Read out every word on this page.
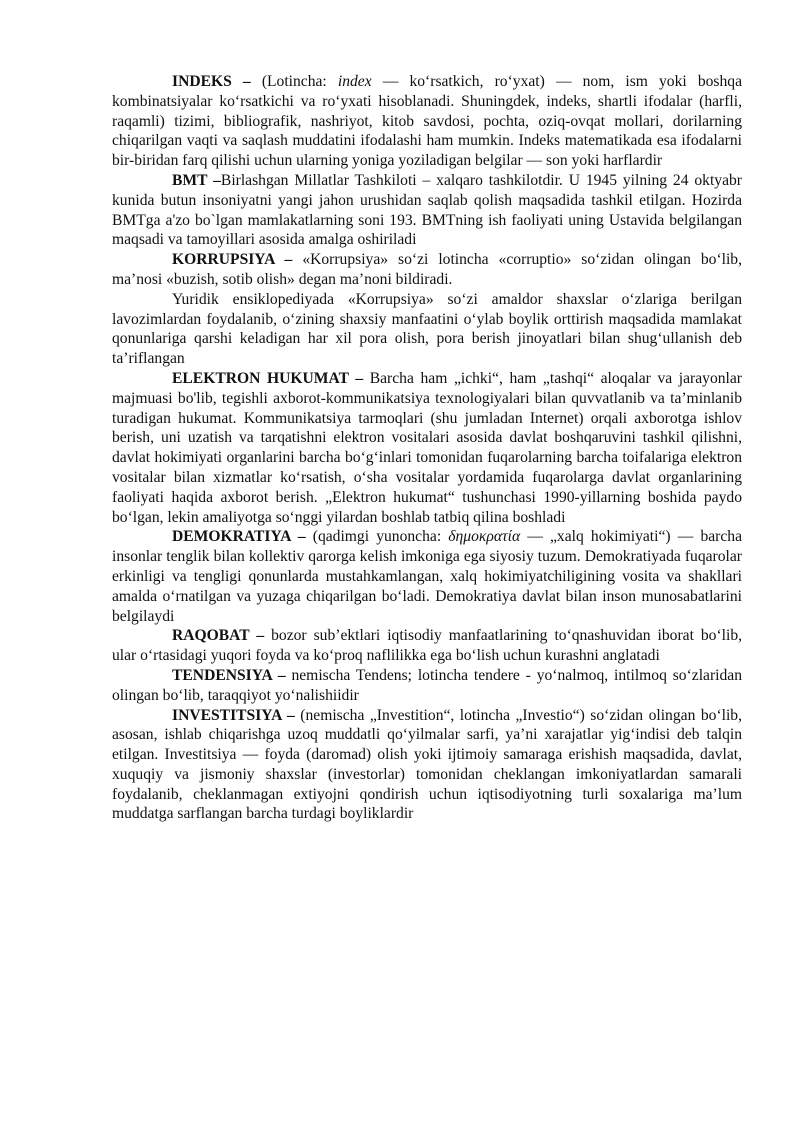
INDEKS – (Lotincha: index — ko‘rsatkich, ro‘yxat) — nom, ism yoki boshqa kombinatsiyalar ko‘rsatkichi va ro‘yxati hisoblanadi. Shuningdek, indeks, shartli ifodalar (harfli, raqamli) tizimi, bibliografik, nashriyot, kitob savdosi, pochta, oziq-ovqat mollari, dorilarning chiqarilgan vaqti va saqlash muddatini ifodalashi ham mumkin. Indeks matematikada esa ifodalarni bir-biridan farq qilishi uchun ularning yoniga yoziladigan belgilar — son yoki harflardir

BMT –Birlashgan Millatlar Tashkiloti – xalqaro tashkilotdir. U 1945 yilning 24 oktyabr kunida butun insoniyatni yangi jahon urushidan saqlab qolish maqsadida tashkil etilgan. Hozirda BMTga a'zo bo`lgan mamlakatlarning soni 193. BMTning ish faoliyati uning Ustavida belgilangan maqsadi va tamoyillari asosida amalga oshiriladi

KORRUPSIYA – «Korrupsiya» so‘zi lotincha «corruptio» so‘zidan olingan bo‘lib, ma’nosi «buzish, sotib olish» degan ma’noni bildiradi.

Yuridik ensiklopediyada «Korrupsiya» so‘zi amaldor shaxslar o‘zlariga berilgan lavozimlardan foydalanib, o‘zining shaxsiy manfaatini o‘ylab boylik orttirish maqsadida mamlakat qonunlariga qarshi keladigan har xil pora olish, pora berish jinoyatlari bilan shug‘ullanish deb ta’riflangan

ELEKTRON HUKUMAT – Barcha ham „ichki“, ham „tashqi“ aloqalar va jarayonlar majmuasi bo'lib, tegishli axborot-kommunikatsiya texnologiyalari bilan quvvatlanib va ta’minlanib turadigan hukumat. Kommunikatsiya tarmoqlari (shu jumladan Internet) orqali axborotga ishlov berish, uni uzatish va tarqatishni elektron vositalari asosida davlat boshqaruvini tashkil qilishni, davlat hokimiyati organlarini barcha bo‘g‘inlari tomonidan fuqarolarning barcha toifalariga elektron vositalar bilan xizmatlar ko‘rsatish, o‘sha vositalar yordamida fuqarolarga davlat organlarining faoliyati haqida axborot berish. „Elektron hukumat“ tushunchasi 1990-yillarning boshida paydo bo‘lgan, lekin amaliyotga so‘nggi yilardan boshlab tatbiq qilina boshladi

DEMOKRATIYA – (qadimgi yunoncha: δημοκρατία — „xalq hokimiyati“) — barcha insonlar tenglik bilan kollektiv qarorga kelish imkoniga ega siyosiy tuzum. Demokratiyada fuqarolar erkinligi va tengligi qonunlarda mustahkamlangan, xalq hokimiyatchiligining vosita va shakllari amalda o‘rnatilgan va yuzaga chiqarilgan bo‘ladi. Demokratiya davlat bilan inson munosabatlarini belgilaydi

RAQOBAT – bozor sub’ektlari iqtisodiy manfaatlarining to‘qnashuvidan iborat bo‘lib, ular o‘rtasidagi yuqori foyda va ko‘proq naflilikka ega bo‘lish uchun kurashni anglatadi

TENDENSIYA – nemischa Tendens; lotincha tendere - yo‘nalmoq, intilmoq so‘zlaridan olingan bo‘lib, taraqqiyot yo‘nalishiidir

INVESTITSIYA – (nemischa „Investition“, lotincha „Investio“) so‘zidan olingan bo‘lib, asosan, ishlab chiqarishga uzoq muddatli qo‘yilmalar sarfi, ya’ni xarajatlar yig‘indisi deb talqin etilgan. Investitsiya — foyda (daromad) olish yoki ijtimoiy samaraga erishish maqsadida, davlat, xuquqiy va jismoniy shaxslar (investorlar) tomonidan cheklangan imkoniyatlardan samarali foydalanib, cheklanmagan extiyojni qondirish uchun iqtisodiyotning turli soxalariga ma’lum muddatga sarflangan barcha turdagi boyliklardir
